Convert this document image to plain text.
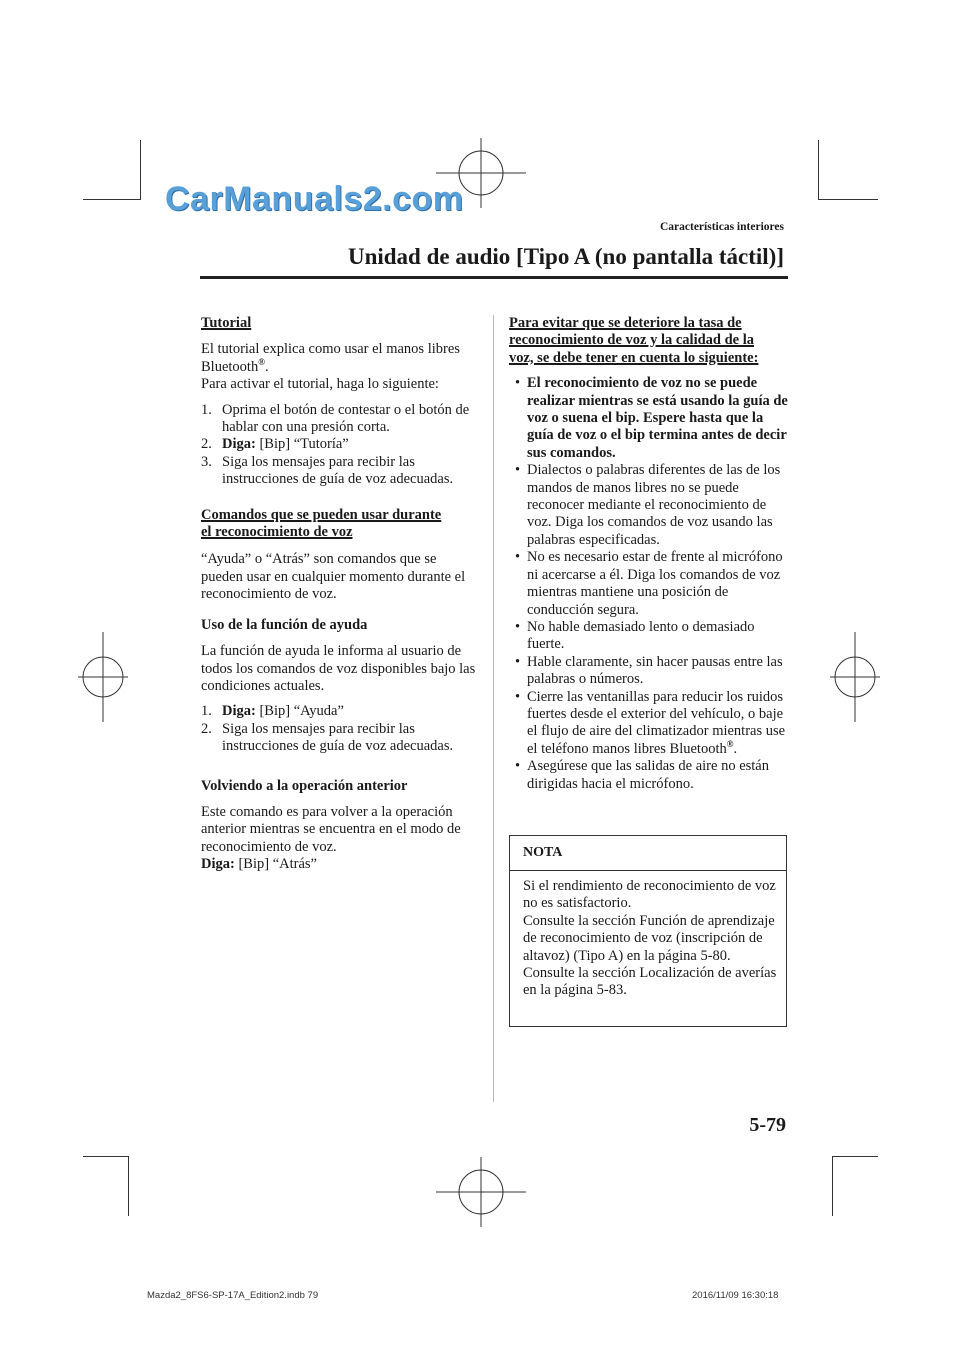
CarManuals2.com
Características interiores
Unidad de audio [Tipo A (no pantalla táctil)]

Tutorial

El tutorial explica como usar el manos libres Bluetooth®.

Para activar el tutorial, haga lo siguiente:

1. Oprima el botón de contestar o el botón de hablar con una presión corta.
2. Diga: [Bip] “Tutoría”
3. Siga los mensajes para recibir las instrucciones de guía de voz adecuadas.

Comandos que se pueden usar durante

el reconocimiento de voz

“Ayuda” o “Atrás” son comandos que se pueden usar en cualquier momento durante el reconocimiento de voz.

Uso de la función de ayuda

La función de ayuda le informa al usuario de todos los comandos de voz disponibles bajo las condiciones actuales.

1. Diga: [Bip] “Ayuda”
2. Siga los mensajes para recibir las instrucciones de guía de voz adecuadas.

Volviendo a la operación anterior

Este comando es para volver a la operación anterior mientras se encuentra en el modo de reconocimiento de voz.

Diga: [Bip] “Atrás”

Para evitar que se deteriore la tasa de

reconocimiento de voz y la calidad de la

voz, se debe tener en cuenta lo siguiente:

• El reconocimiento de voz no se puede realizar mientras se está usando la guía de voz o suena el bip. Espere hasta que la guía de voz o el bip termina antes de decir sus comandos.
• Dialectos o palabras diferentes de las de los mandos de manos libres no se puede reconocer mediante el reconocimiento de voz. Diga los comandos de voz usando las palabras especificadas.
• No es necesario estar de frente al micrófono ni acercarse a él. Diga los comandos de voz mientras mantiene una posición de conducción segura.
• No hable demasiado lento o demasiado fuerte.
• Hable claramente, sin hacer pausas entre las palabras o números.
• Cierre las ventanillas para reducir los ruidos fuertes desde el exterior del vehículo, o baje el flujo de aire del climatizador mientras use el teléfono manos libres Bluetooth®.
• Asegúrese que las salidas de aire no están dirigidas hacia el micrófono.
NOTA

Si el rendimiento de reconocimiento de voz no es satisfactorio.

Consulte la sección Función de aprendizaje de reconocimiento de voz (inscripción de altavoz) (Tipo A) en la página 5-80.

Consulte la sección Localización de averías en la página 5-83.

5-79
Mazda2_8FS6-SP-17A_Edition2.indb 79	2016/11/09 16:30:18
